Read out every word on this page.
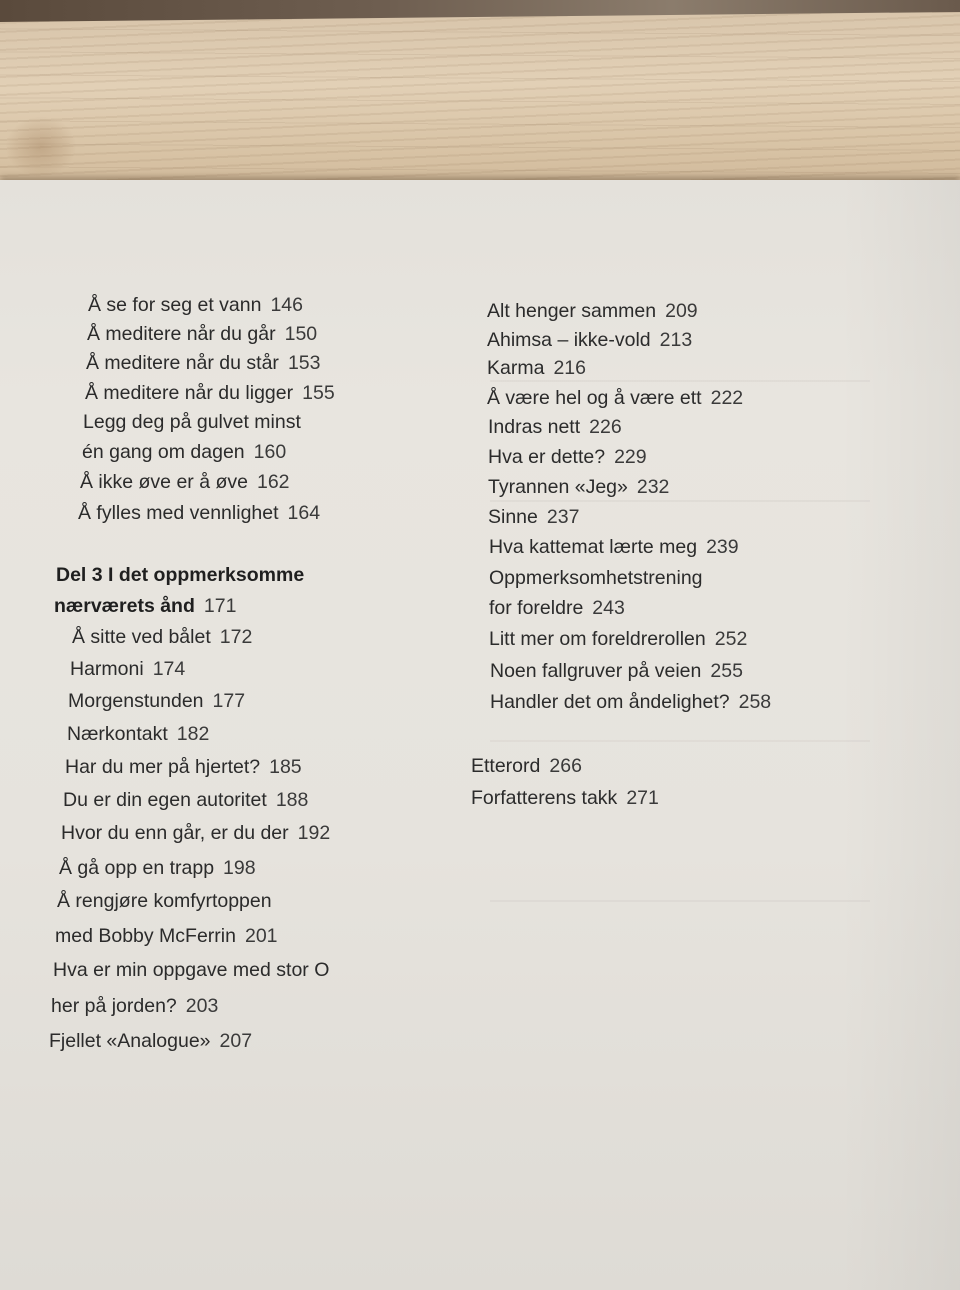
Å se for seg et vann 146
Å meditere når du går 150
Å meditere når du står 153
Å meditere når du ligger 155
Legg deg på gulvet minst
én gang om dagen 160
Å ikke øve er å øve 162
Å fylles med vennlighet 164
Del 3 I det oppmerksomme
nærværets ånd 171
Å sitte ved bålet 172
Harmoni 174
Morgenstunden 177
Nærkontakt 182
Har du mer på hjertet? 185
Du er din egen autoritet 188
Hvor du enn går, er du der 192
Å gå opp en trapp 198
Å rengjøre komfyrtoppen
med Bobby McFerrin 201
Hva er min oppgave med stor O
her på jorden? 203
Fjellet «Analogue» 207
Alt henger sammen 209
Ahimsa – ikke-vold 213
Karma 216
Å være hel og å være ett 222
Indras nett 226
Hva er dette? 229
Tyrannen «Jeg» 232
Sinne 237
Hva kattemat lærte meg 239
Oppmerksomhetstrening
for foreldre 243
Litt mer om foreldrerollen 252
Noen fallgruver på veien 255
Handler det om åndelighet? 258
Etterord 266
Forfatterens takk 271
